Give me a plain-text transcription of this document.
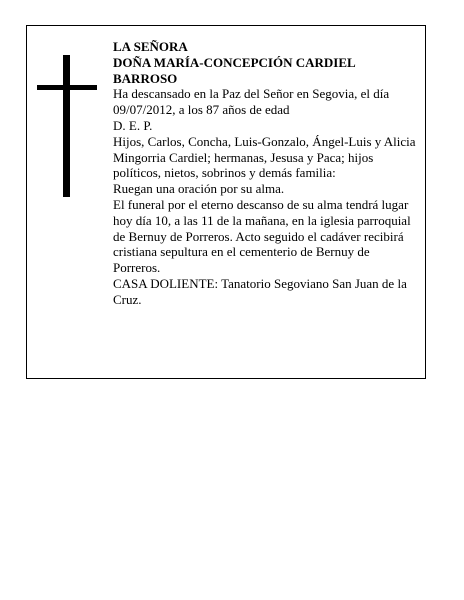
LA SEÑORA
DOÑA MARÍA-CONCEPCIÓN CARDIEL BARROSO
Ha descansado en la Paz del Señor en Segovia, el día 09/07/2012, a los 87 años de edad
D. E. P.
Hijos, Carlos, Concha, Luis-Gonzalo, Ángel-Luis y Alicia Mingorria Cardiel; hermanas, Jesusa y Paca; hijos políticos, nietos, sobrinos y demás familia:
Ruegan una oración por su alma.
El funeral por el eterno descanso de su alma tendrá lugar hoy día 10, a las 11 de la mañana, en la iglesia parroquial de Bernuy de Porreros. Acto seguido el cadáver recibirá cristiana sepultura en el cementerio de Bernuy de Porreros.
CASA DOLIENTE: Tanatorio Segoviano San Juan de la Cruz.
